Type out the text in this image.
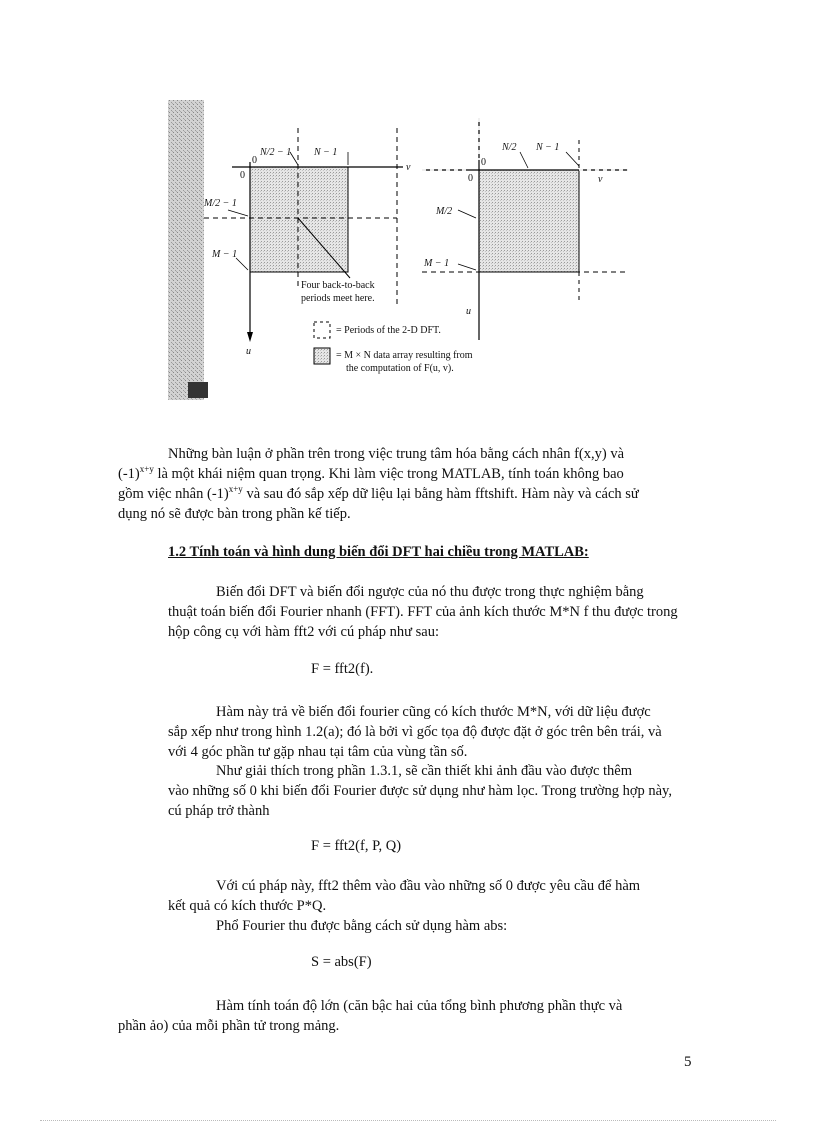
N/2 − 1 N − 1
0
0
v
u
M/2 − 1
M − 1
Four back-to-back
periods meet here.
N/2 N − 1
0
0	v
u
M/2
M − 1
= Periods of the 2-D DFT.
= M × N data array resulting from
the computation of F(u, v).
Những bàn luận ở phần trên trong việc trung tâm hóa bằng cách nhân f(x,y) và
$(-1)^{x+y}$ là một khái niệm quan trọng. Khi làm việc trong MATLAB, tính toán không bao
gồm việc nhân $(-1)^{x+y}$ và sau đó sắp xếp dữ liệu lại bằng hàm fftshift. Hàm này và cách sử
dụng nó sẽ được bàn trong phần kế tiếp.
1.2 Tính toán và hình dung biến đổi DFT hai chiều trong MATLAB:
Biến đổi DFT và biến đổi ngược của nó thu được trong thực nghiệm bằng
thuật toán biến đổi Fourier nhanh (FFT). FFT của ảnh kích thước M*N f thu được trong
hộp công cụ với hàm fft2 với cú pháp như sau:
F = fft2(f).
Hàm này trả về biến đổi fourier cũng có kích thước M*N, với dữ liệu được
sắp xếp như trong hình 1.2(a); đó là bởi vì gốc tọa độ được đặt ở góc trên bên trái, và
với 4 góc phần tư gặp nhau tại tâm của vùng tần số.
Như giải thích trong phần 1.3.1, sẽ cần thiết khi ảnh đầu vào được thêm
vào những số 0 khi biến đổi Fourier được sử dụng như hàm lọc. Trong trường hợp này,
cú pháp trở thành
F = fft2(f, P, Q)
Với cú pháp này, fft2 thêm vào đầu vào những số 0 được yêu cầu để hàm
kết quả có kích thước P*Q.
Phổ Fourier thu được bằng cách sử dụng hàm abs:
S = abs(F)
Hàm tính toán độ lớn (căn bậc hai của tổng bình phương phần thực và
phần ảo) của mỗi phần tử trong mảng.
5
